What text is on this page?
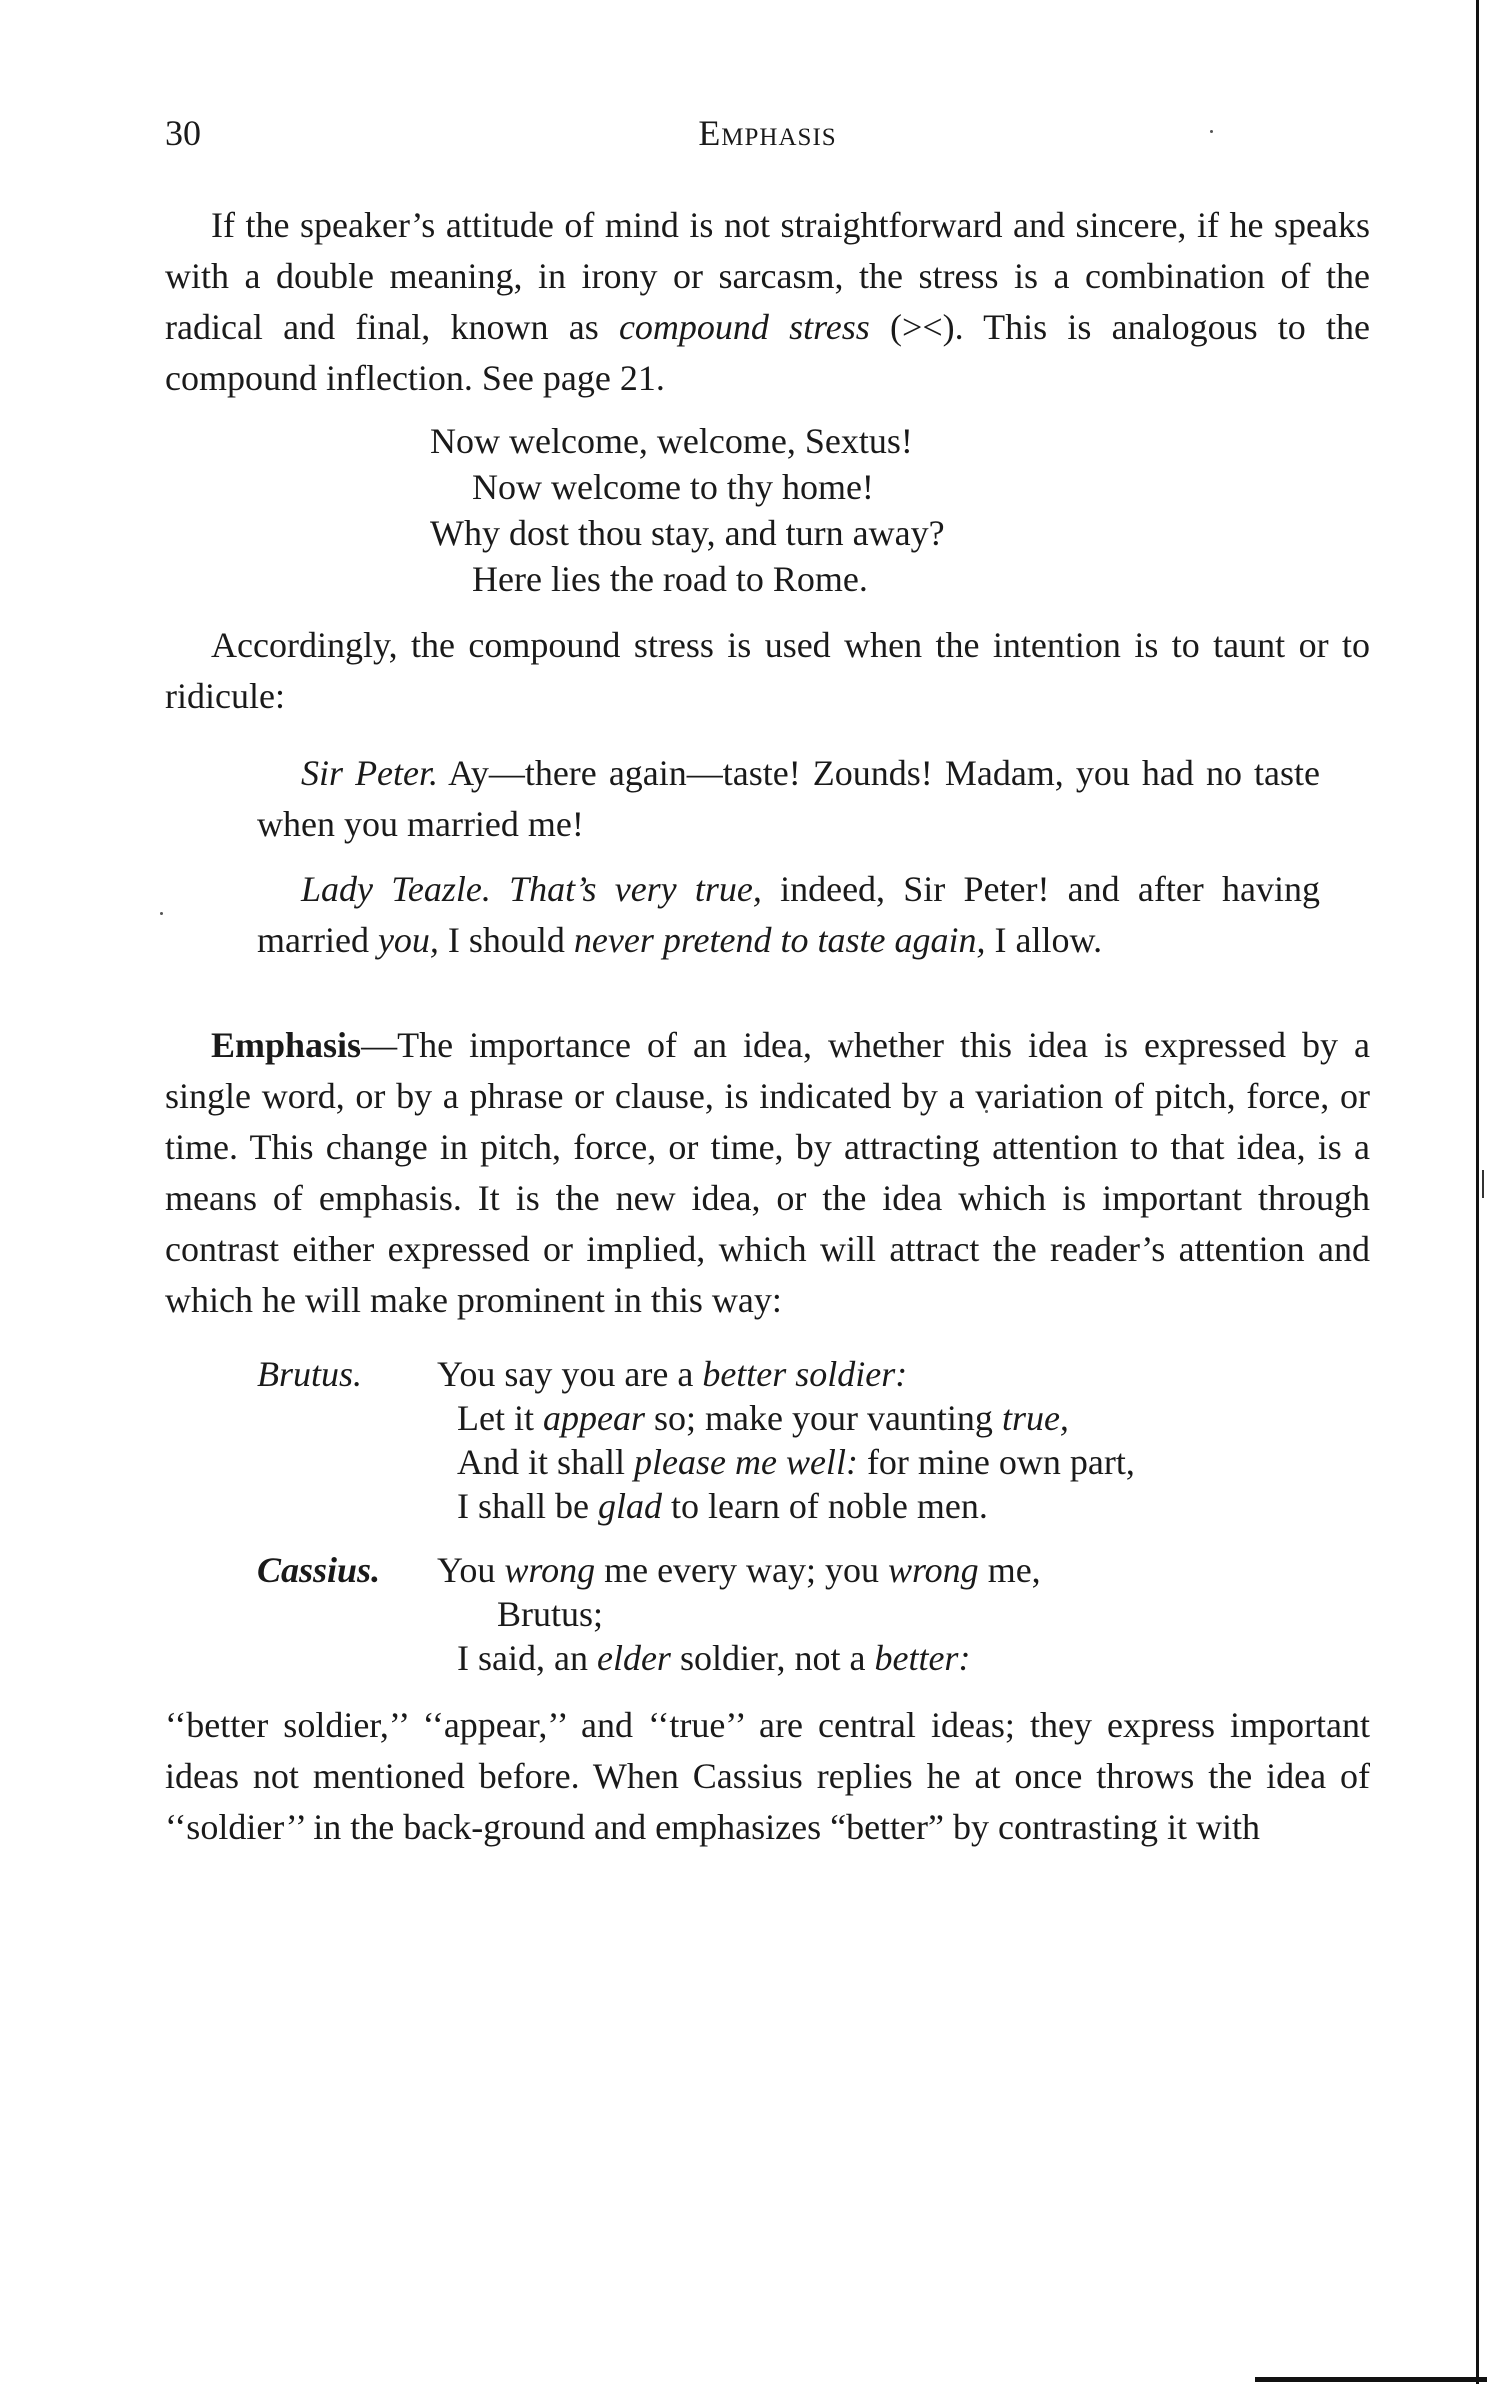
30	Emphasis

If the speaker’s attitude of mind is not straightforward and sincere, if he speaks with a double meaning, in irony or sarcasm, the stress is a combination of the radical and final, known as compound stress (><). This is analogous to the compound inflection. See page 21.

Now welcome, welcome, Sextus!
Now welcome to thy home!
Why dost thou stay, and turn away?
Here lies the road to Rome.

Accordingly, the compound stress is used when the intention is to taunt or to ridicule:

Sir Peter. Ay—there again—taste! Zounds! Madam, you had no taste when you married me!

Lady Teazle. That’s very true, indeed, Sir Peter! and after having married you, I should never pretend to taste again, I allow.

Emphasis—The importance of an idea, whether this idea is expressed by a single word, or by a phrase or clause, is indicated by a variation of pitch, force, or time. This change in pitch, force, or time, by attracting attention to that idea, is a means of emphasis. It is the new idea, or the idea which is important through contrast either expressed or implied, which will attract the reader’s attention and which he will make prominent in this way:

Brutus.	You say you are a better soldier:
Let it appear so; make your vaunting true,
And it shall please me well: for mine own part,
I shall be glad to learn of noble men.
Cassius.	You wrong me every way; you wrong me,
Brutus;
I said, an elder soldier, not a better:

‘‘better soldier,’’ ‘‘appear,’’ and ‘‘true’’ are central ideas; they express important ideas not mentioned before. When Cassius replies he at once throws the idea of ‘‘soldier’’ in the back-ground and emphasizes “better” by contrasting it with
